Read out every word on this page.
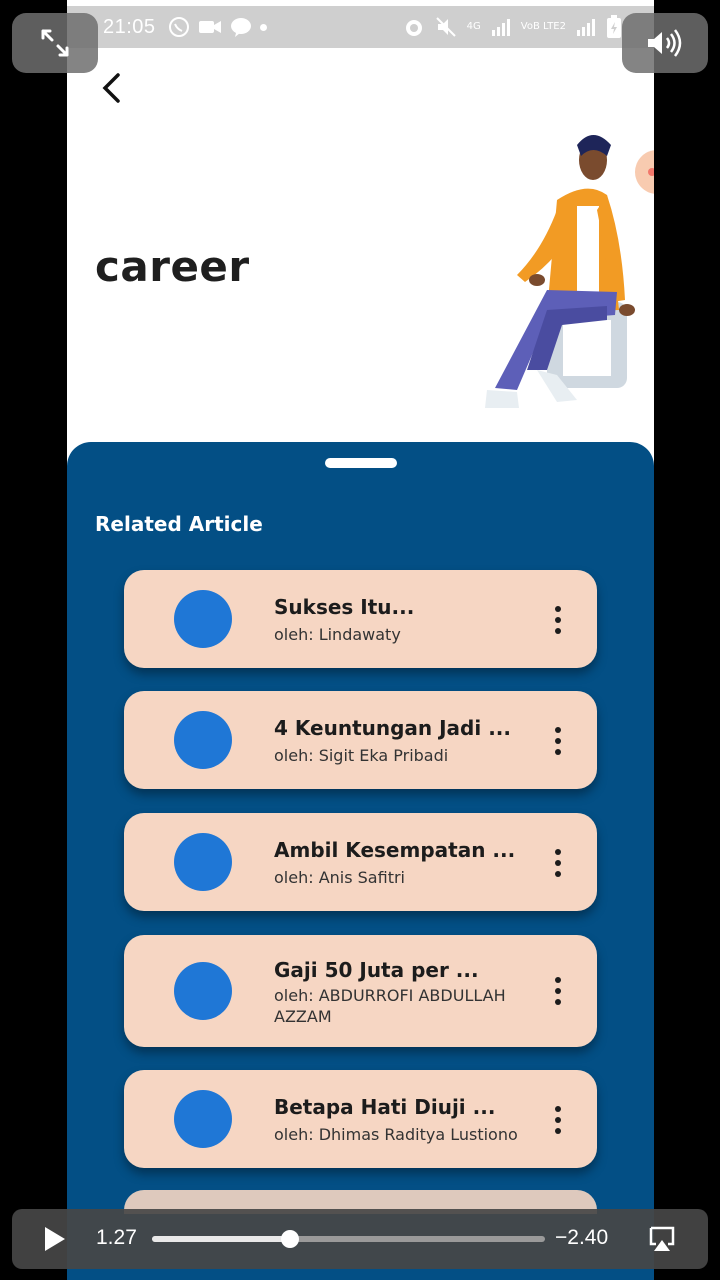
21:05	4G	VoB LTE2
career
Related Article
Sukses Itu...
oleh: Lindawaty
4 Keuntungan Jadi ...
oleh: Sigit Eka Pribadi
Ambil Kesempatan ...
oleh: Anis Safitri
Gaji 50 Juta per ...
oleh: ABDURROFI ABDULLAH AZZAM
Betapa Hati Diuji ...
oleh: Dhimas Raditya Lustiono
1.27	−2.40
